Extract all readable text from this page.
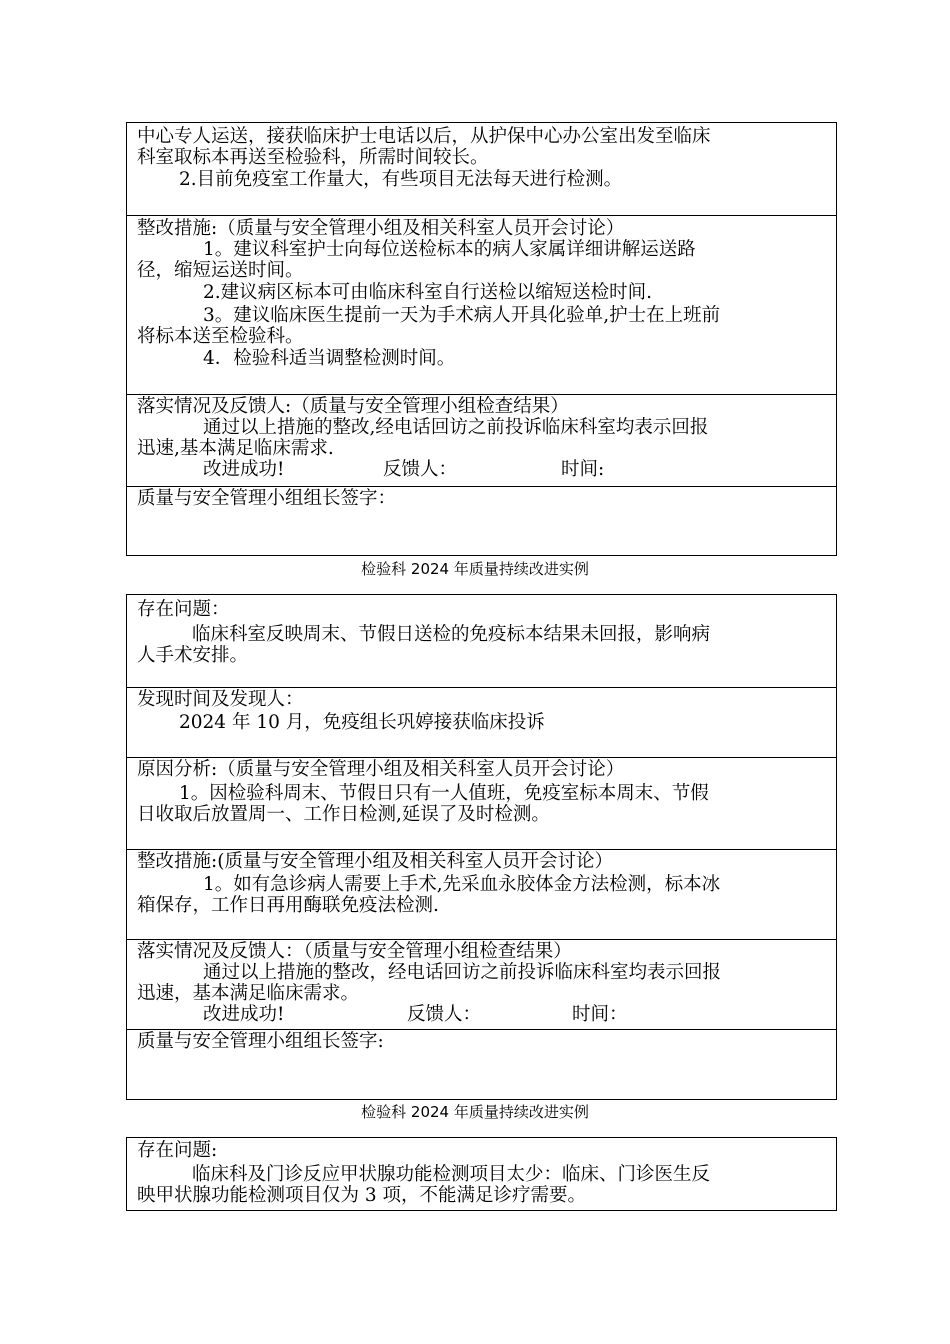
中心专人运送，接获临床护士电话以后，从护保中心办公室出发至临床
科室取标本再送至检验科，所需时间较长。
2.目前免疫室工作量大，有些项目无法每天进行检测。
整改措施:（质量与安全管理小组及相关科室人员开会讨论）
1。建议科室护士向每位送检标本的病人家属详细讲解运送路
径，缩短运送时间。
2.建议病区标本可由临床科室自行送检以缩短送检时间.
3。建议临床医生提前一天为手术病人开具化验单,护士在上班前
将标本送至检验科。
4．检验科适当调整检测时间。
落实情况及反馈人:（质量与安全管理小组检查结果）
通过以上措施的整改,经电话回访之前投诉临床科室均表示回报
迅速,基本满足临床需求.
改进成功!	反馈人：	时间:
质量与安全管理小组组长签字：
检验科 2024 年质量持续改进实例
存在问题：
临床科室反映周末、节假日送检的免疫标本结果未回报，影响病
人手术安排。
发现时间及发现人：
2024 年 10 月，免疫组长巩婷接获临床投诉
原因分析:（质量与安全管理小组及相关科室人员开会讨论）
1。因检验科周末、节假日只有一人值班，免疫室标本周末、节假
日收取后放置周一、工作日检测,延误了及时检测。
整改措施:(质量与安全管理小组及相关科室人员开会讨论）
1。如有急诊病人需要上手术,先采血永胶体金方法检测，标本冰
箱保存，工作日再用酶联免疫法检测.
落实情况及反馈人：（质量与安全管理小组检查结果）
通过以上措施的整改，经电话回访之前投诉临床科室均表示回报
迅速，基本满足临床需求。
改进成功!	反馈人：	时间：
质量与安全管理小组组长签字:
检验科 2024 年质量持续改进实例
存在问题:
临床科及门诊反应甲状腺功能检测项目太少：临床、门诊医生反
映甲状腺功能检测项目仅为 3 项，不能满足诊疗需要。
